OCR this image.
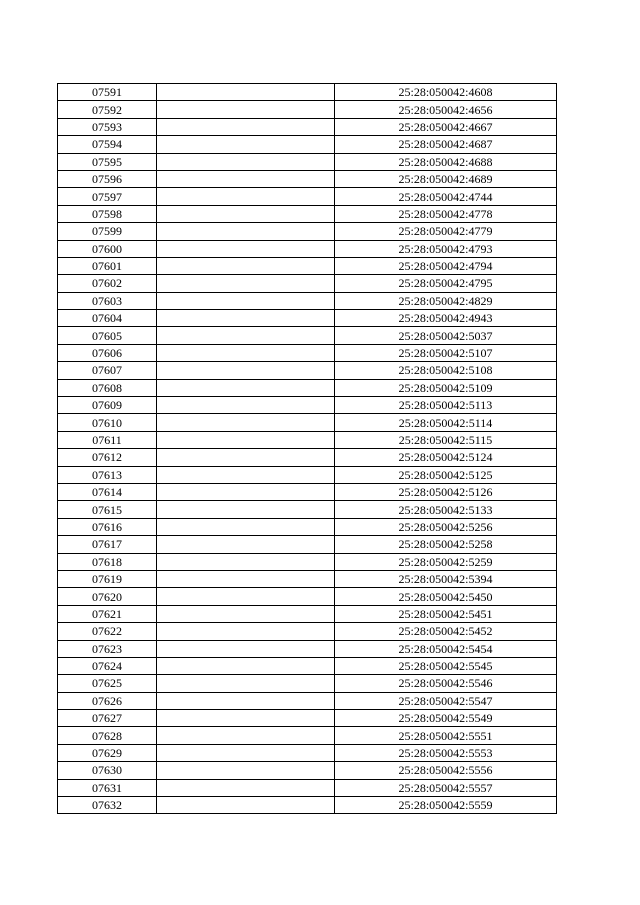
07591		25:28:050042:4608
07592		25:28:050042:4656
07593		25:28:050042:4667
07594		25:28:050042:4687
07595		25:28:050042:4688
07596		25:28:050042:4689
07597		25:28:050042:4744
07598		25:28:050042:4778
07599		25:28:050042:4779
07600		25:28:050042:4793
07601		25:28:050042:4794
07602		25:28:050042:4795
07603		25:28:050042:4829
07604		25:28:050042:4943
07605		25:28:050042:5037
07606		25:28:050042:5107
07607		25:28:050042:5108
07608		25:28:050042:5109
07609		25:28:050042:5113
07610		25:28:050042:5114
07611		25:28:050042:5115
07612		25:28:050042:5124
07613		25:28:050042:5125
07614		25:28:050042:5126
07615		25:28:050042:5133
07616		25:28:050042:5256
07617		25:28:050042:5258
07618		25:28:050042:5259
07619		25:28:050042:5394
07620		25:28:050042:5450
07621		25:28:050042:5451
07622		25:28:050042:5452
07623		25:28:050042:5454
07624		25:28:050042:5545
07625		25:28:050042:5546
07626		25:28:050042:5547
07627		25:28:050042:5549
07628		25:28:050042:5551
07629		25:28:050042:5553
07630		25:28:050042:5556
07631		25:28:050042:5557
07632		25:28:050042:5559
